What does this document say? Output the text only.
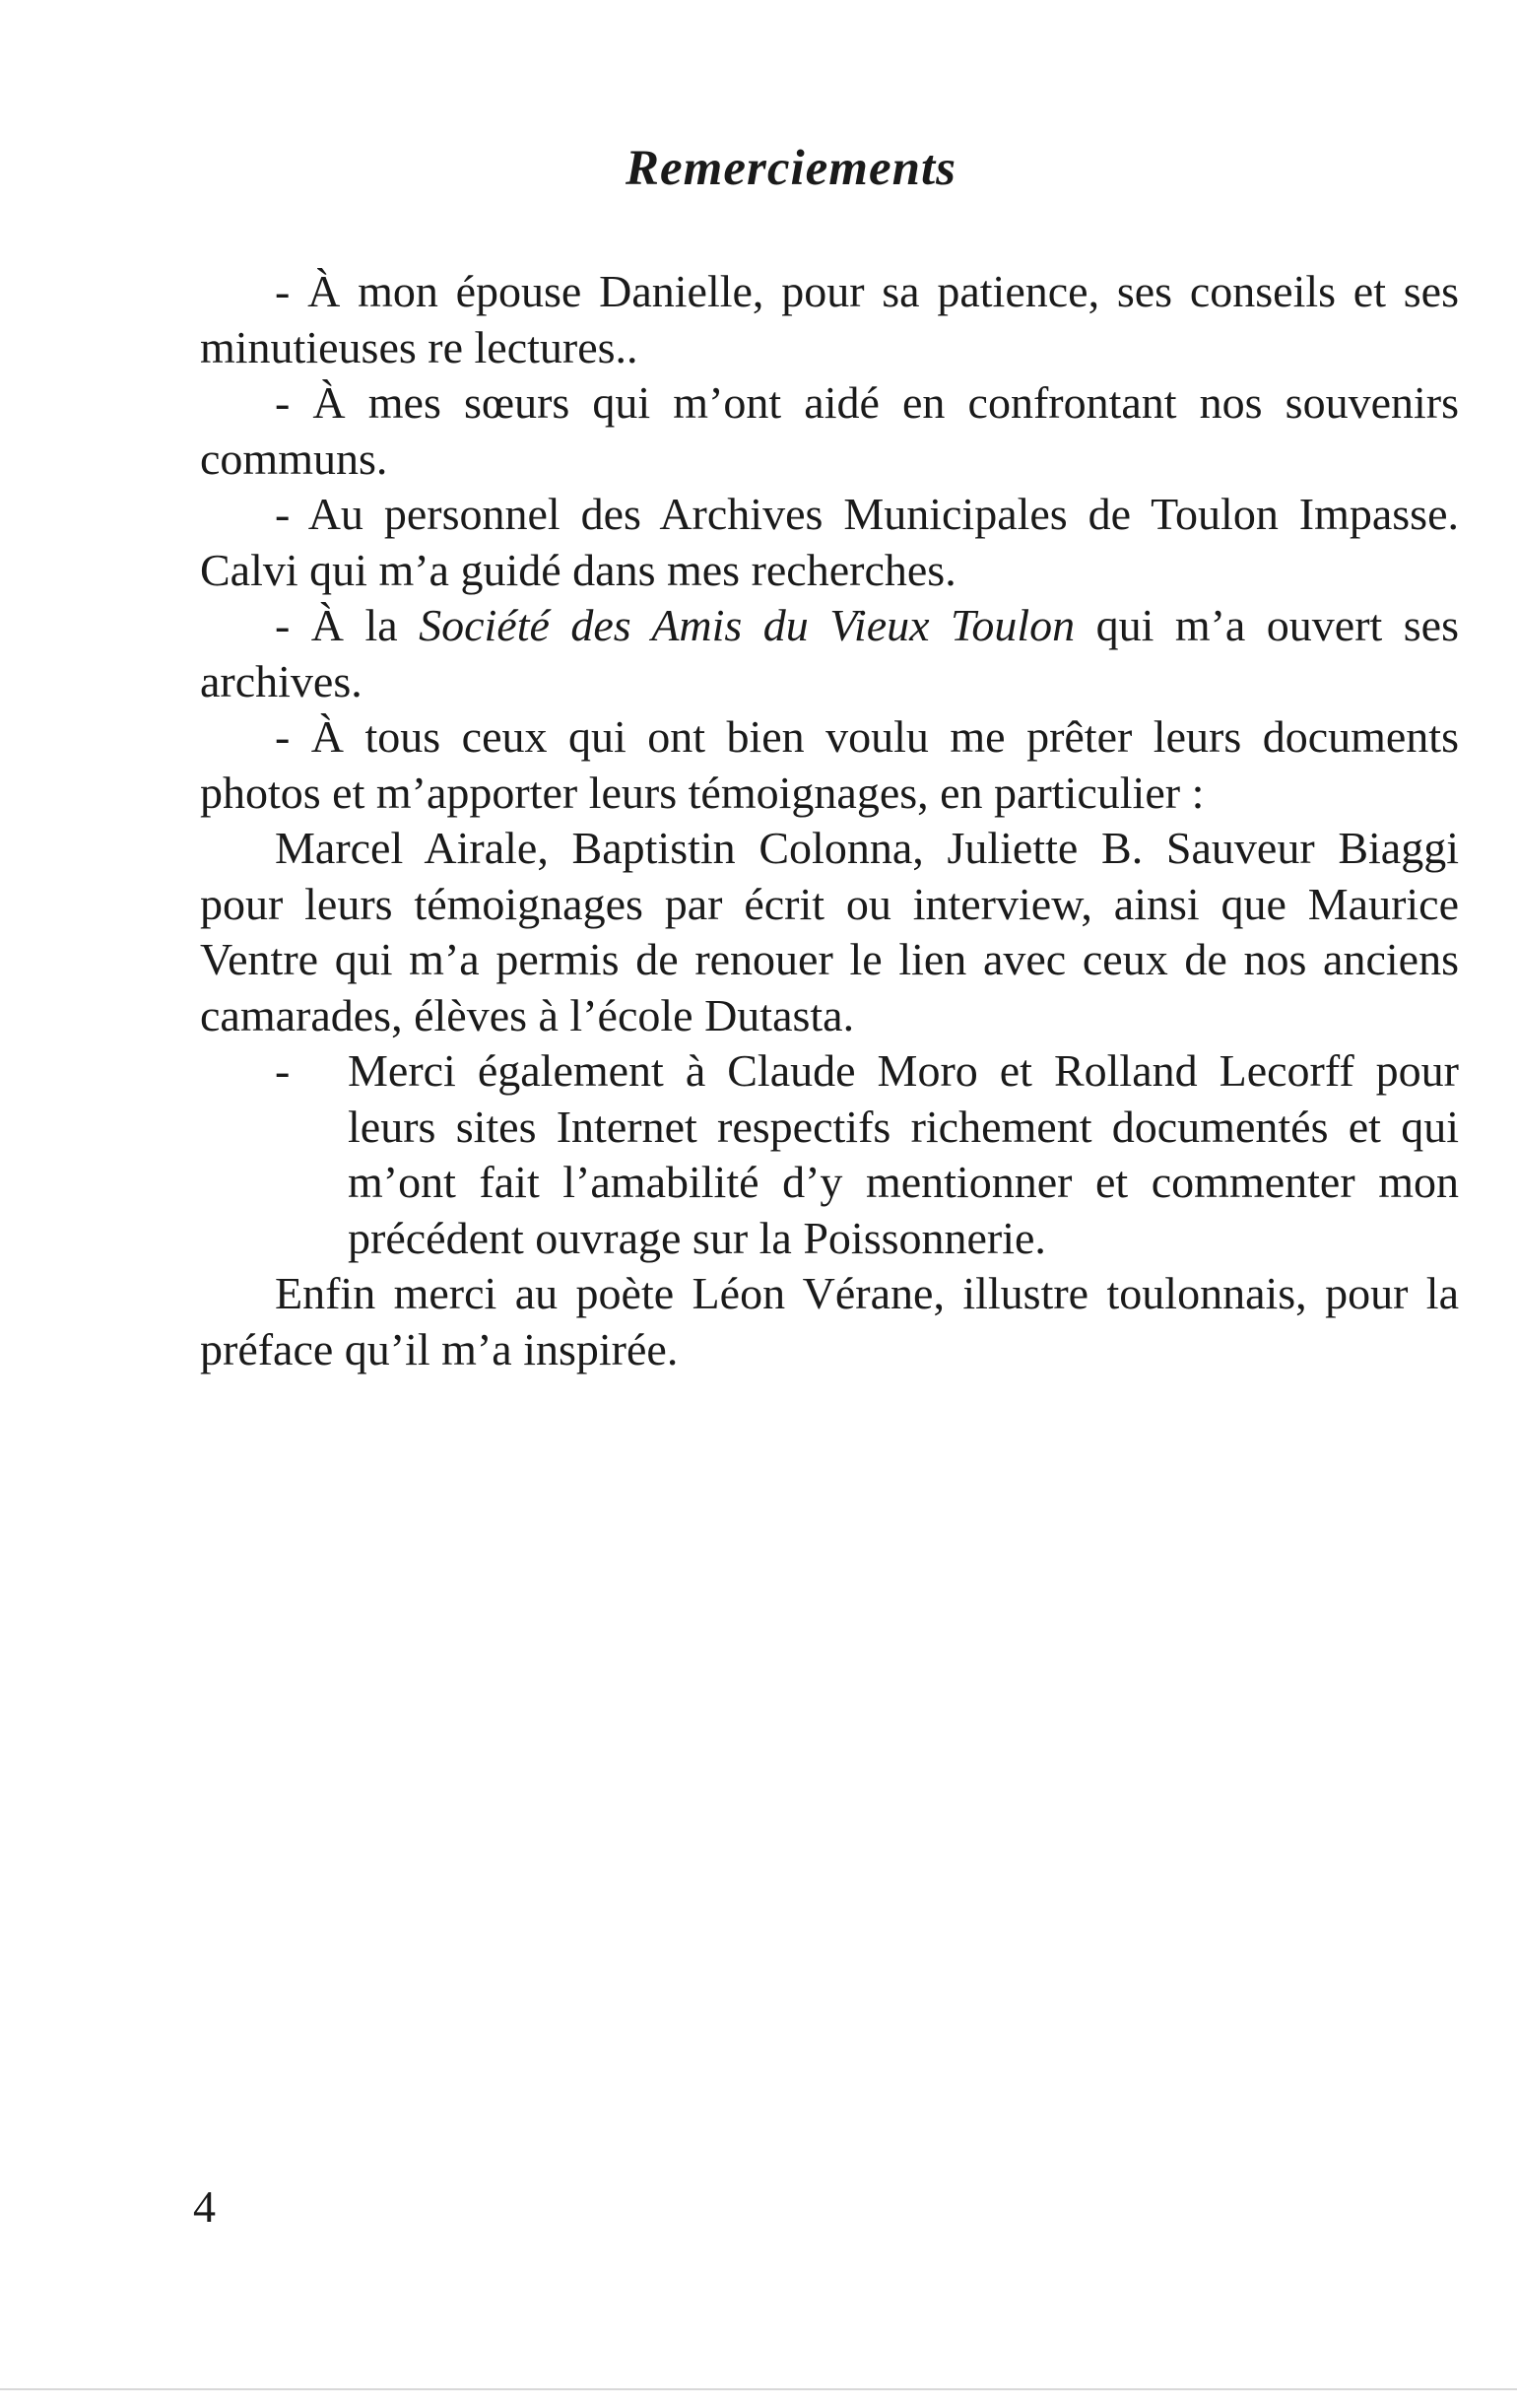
Remerciements

- À mon épouse Danielle, pour sa patience, ses conseils et ses minutieuses re lectures..

- À mes sœurs qui m’ont aidé en confrontant nos souvenirs communs.

- Au personnel des Archives Municipales de Toulon Impasse. Calvi qui m’a guidé dans mes recherches.

- À la Société des Amis du Vieux Toulon qui m’a ouvert ses archives.

- À tous ceux qui ont bien voulu me prêter leurs documents photos et m’apporter leurs témoignages, en particulier :

Marcel Airale, Baptistin Colonna, Juliette B. Sauveur Biaggi pour leurs témoignages par écrit ou interview, ainsi que Maurice Ventre qui m’a permis de renouer le lien avec ceux de nos anciens camarades, élèves à l’école Dutasta.

-	Merci également à Claude Moro et Rolland Lecorff pour leurs sites Internet respectifs richement documentés et qui m’ont fait l’amabilité d’y mentionner et commenter mon précédent ouvrage sur la Poissonnerie.

Enfin merci au poète Léon Vérane, illustre toulonnais, pour la préface qu’il m’a inspirée.

4
